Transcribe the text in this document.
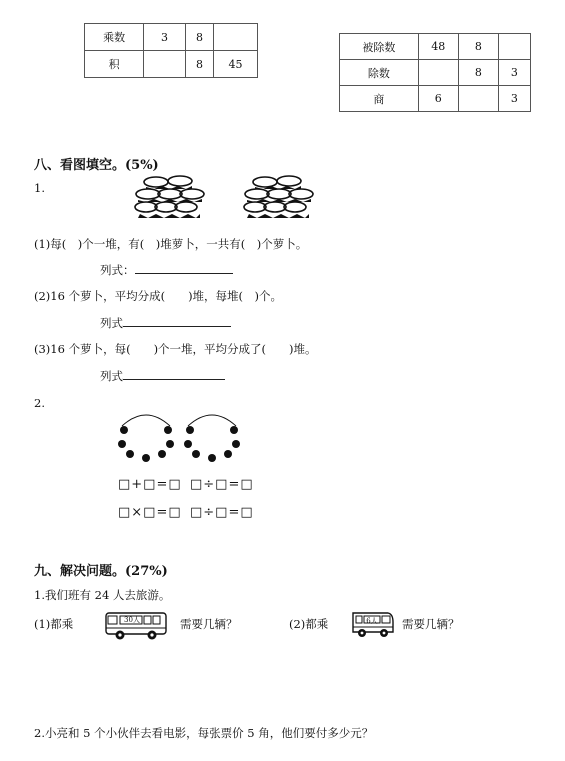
乘数	3	8	
积		8	45
被除数	48	8	
除数		8	3
商	6		3
八、看图填空。(5%)
1.
(1)每(　)个一堆，有(　)堆萝卜，一共有(　)个萝卜。
列式：
(2)16 个萝卜，平均分成(　　)堆，每堆(　)个。
列式
(3)16 个萝卜，每(　　)个一堆，平均分成了(　　)堆。
列式
2.
□+□=□ □÷□=□
□×□=□ □÷□=□
九、解决问题。(27%)
1.我们班有 24 人去旅游。
(1)都乘	30人	需要几辆？	(2)都乘	6人 需要几辆？
2.小亮和 5 个小伙伴去看电影，每张票价 5 角，他们要付多少元？
